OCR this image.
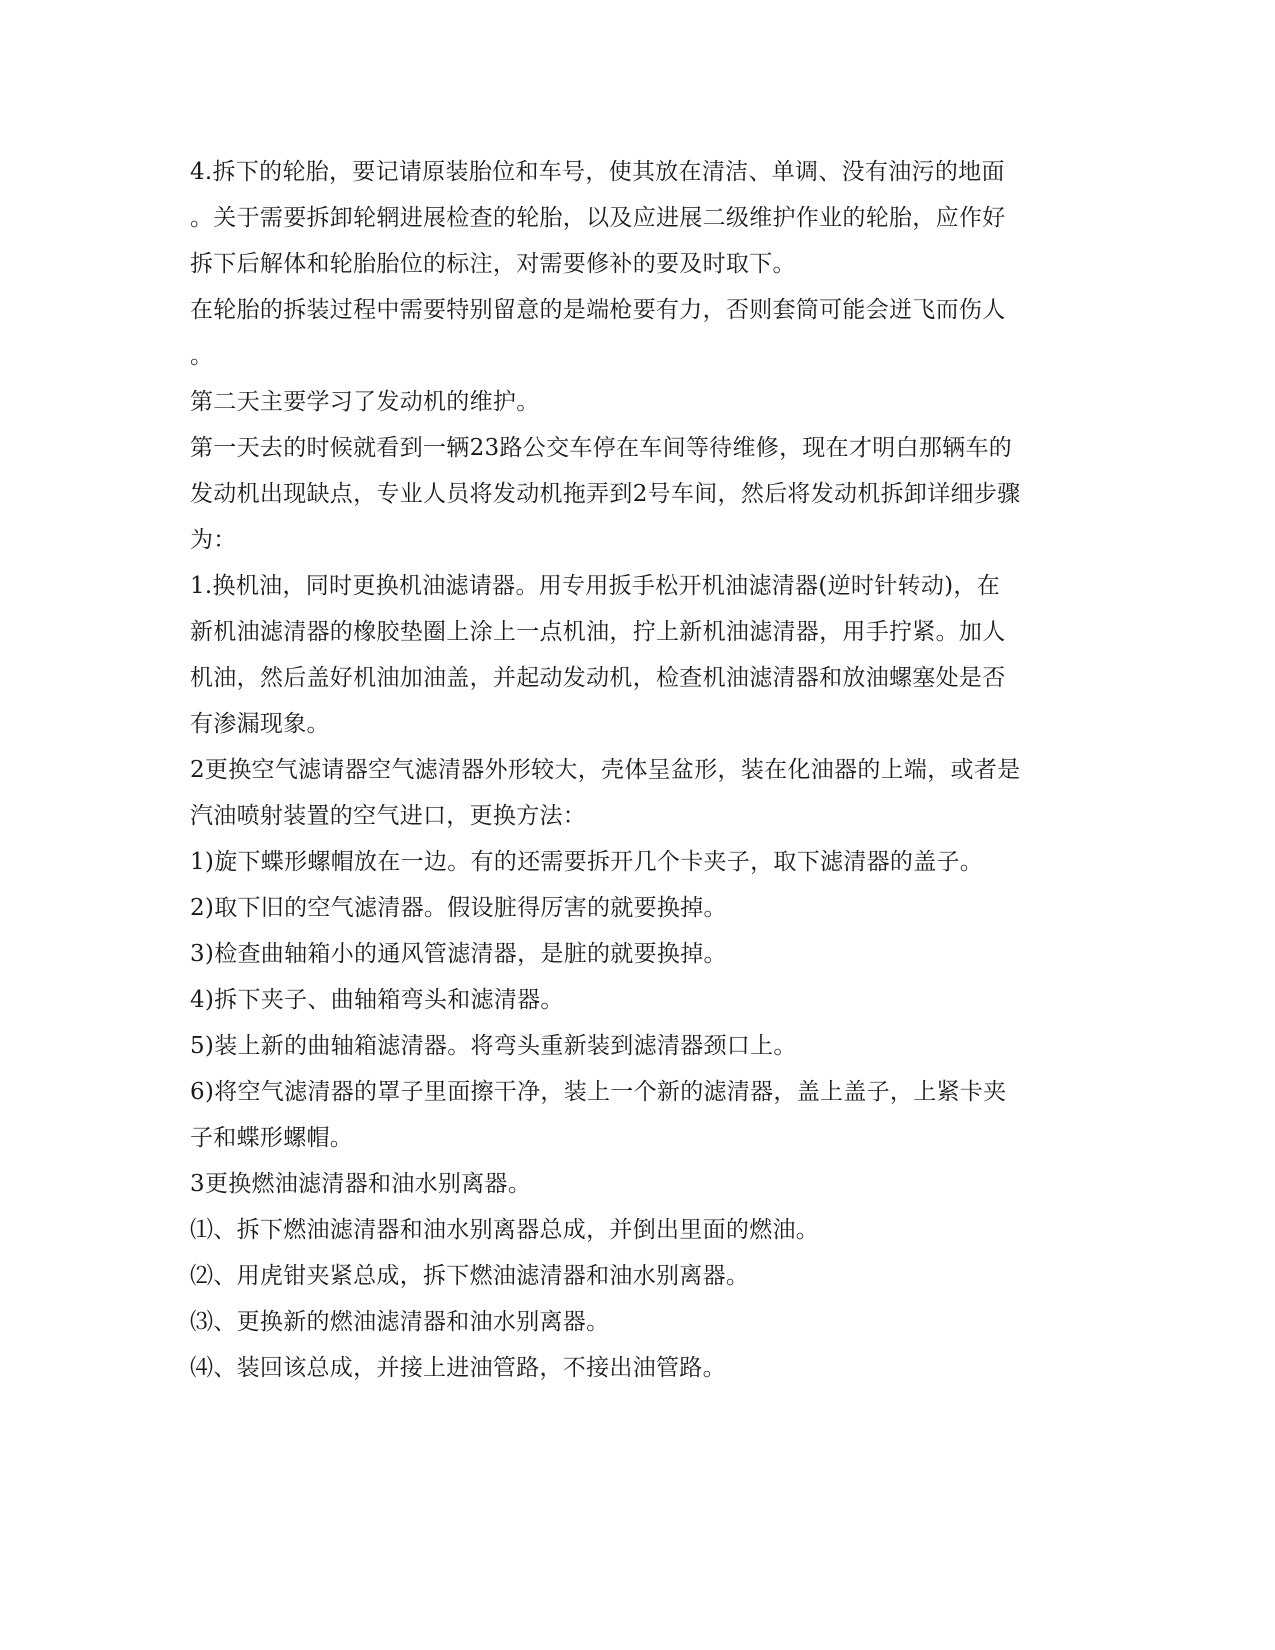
4.拆下的轮胎，要记请原装胎位和车号，使其放在清洁、单调、没有油污的地面
。关于需要拆卸轮辋进展检查的轮胎，以及应进展二级维护作业的轮胎，应作好
拆下后解体和轮胎胎位的标注，对需要修补的要及时取下。
在轮胎的拆装过程中需要特别留意的是端枪要有力，否则套筒可能会迸飞而伤人
。
第二天主要学习了发动机的维护。
第一天去的时候就看到一辆23路公交车停在车间等待维修，现在才明白那辆车的
发动机出现缺点，专业人员将发动机拖弄到2号车间，然后将发动机拆卸详细步骤
为：
1.换机油，同时更换机油滤请器。用专用扳手松开机油滤清器(逆时针转动)，在
新机油滤清器的橡胶垫圈上涂上一点机油，拧上新机油滤清器，用手拧紧。加人
机油，然后盖好机油加油盖，并起动发动机，检查机油滤清器和放油螺塞处是否
有渗漏现象。
2更换空气滤请器空气滤清器外形较大，壳体呈盆形，装在化油器的上端，或者是
汽油喷射装置的空气进口，更换方法：
1)旋下蝶形螺帽放在一边。有的还需要拆开几个卡夹子，取下滤清器的盖子。
2)取下旧的空气滤清器。假设脏得厉害的就要换掉。
3)检查曲轴箱小的通风管滤清器，是脏的就要换掉。
4)拆下夹子、曲轴箱弯头和滤清器。
5)装上新的曲轴箱滤清器。将弯头重新装到滤清器颈口上。
6)将空气滤清器的罩子里面擦干净，装上一个新的滤清器，盖上盖子，上紧卡夹
子和蝶形螺帽。
3更换燃油滤清器和油水别离器。
⑴、拆下燃油滤清器和油水别离器总成，并倒出里面的燃油。
⑵、用虎钳夹紧总成，拆下燃油滤清器和油水别离器。
⑶、更换新的燃油滤清器和油水别离器。
⑷、装回该总成，并接上进油管路，不接出油管路。
